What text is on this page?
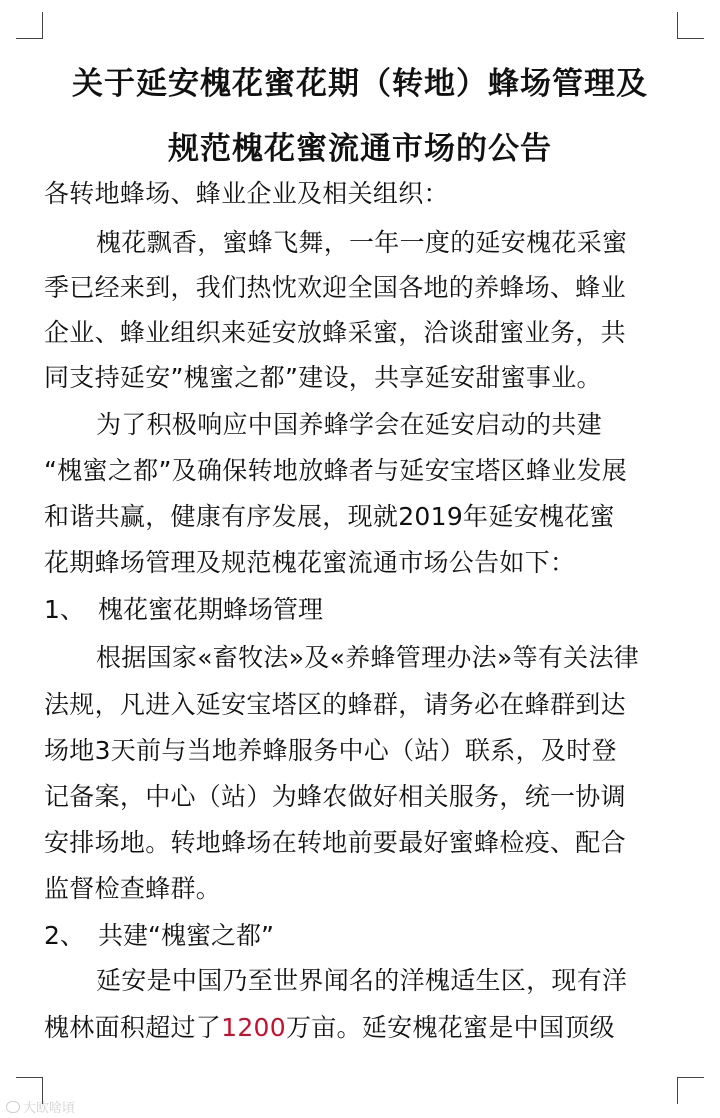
关于延安槐花蜜花期（转地）蜂场管理及
规范槐花蜜流通市场的公告
各转地蜂场、蜂业企业及相关组织：
槐花飘香，蜜蜂飞舞，一年一度的延安槐花采蜜
季已经来到，我们热忱欢迎全国各地的养蜂场、蜂业
企业、蜂业组织来延安放蜂采蜜，洽谈甜蜜业务，共
同支持延安”槐蜜之都”建设，共享延安甜蜜事业。
为了积极响应中国养蜂学会在延安启动的共建
“槐蜜之都”及确保转地放蜂者与延安宝塔区蜂业发展
和谐共赢，健康有序发展，现就2019年延安槐花蜜
花期蜂场管理及规范槐花蜜流通市场公告如下：
1、 槐花蜜花期蜂场管理
根据国家«畜牧法»及«养蜂管理办法»等有关法律
法规，凡进入延安宝塔区的蜂群，请务必在蜂群到达
场地3天前与当地养蜂服务中心（站）联系，及时登
记备案，中心（站）为蜂农做好相关服务，统一协调
安排场地。转地蜂场在转地前要最好蜜蜂检疫、配合
监督检查蜂群。
2、 共建“槐蜜之都”
延安是中国乃至世界闻名的洋槐适生区，现有洋
槐林面积超过了1200万亩。延安槐花蜜是中国顶级
大欧啥頃
